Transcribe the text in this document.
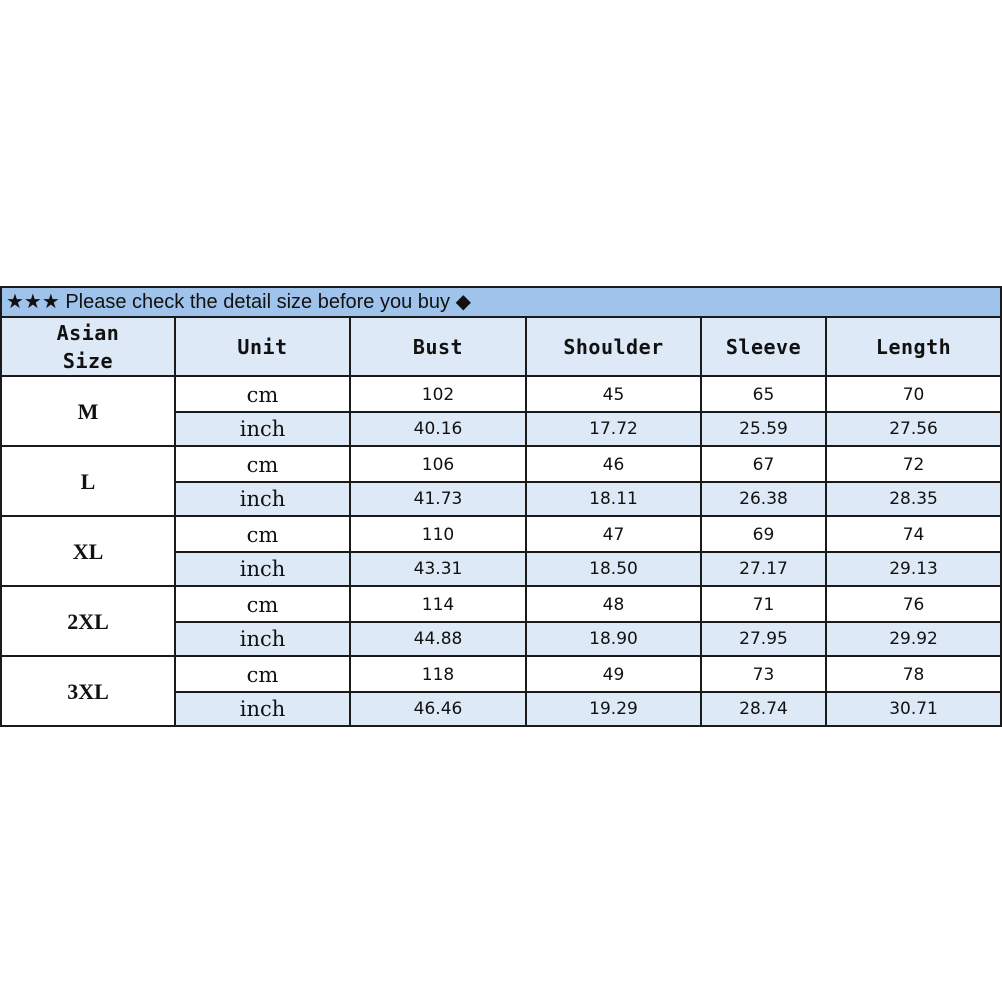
★★★ Please check the detail size before you buy ◆					

Asian
Size	Unit	Bust	Shoulder	Sleeve	Length
M	cm	102	45	65	70
	inch	40.16	17.72	25.59	27.56
L	cm	106	46	67	72
	inch	41.73	18.11	26.38	28.35
XL	cm	110	47	69	74
	inch	43.31	18.50	27.17	29.13
2XL	cm	114	48	71	76
	inch	44.88	18.90	27.95	29.92
3XL	cm	118	49	73	78
	inch	46.46	19.29	28.74	30.71
